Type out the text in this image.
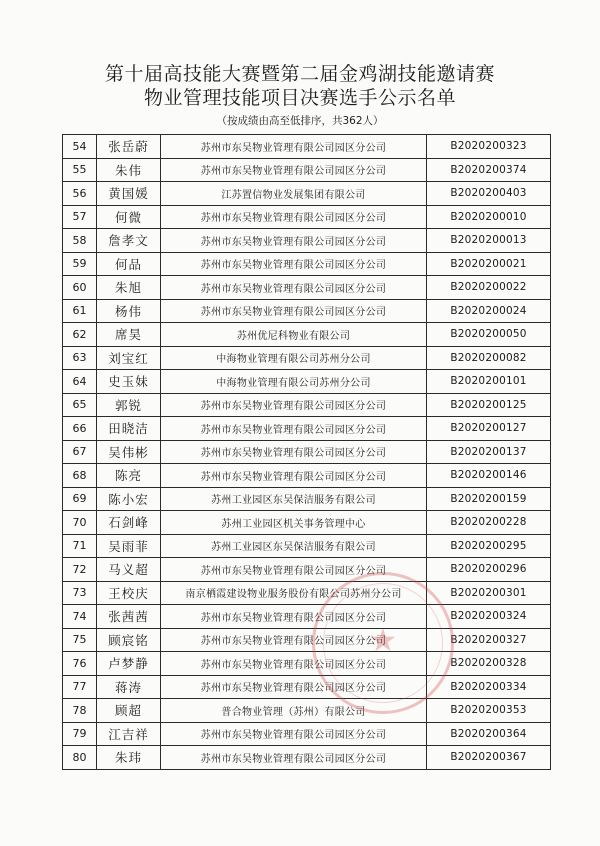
第十届高技能大赛暨第二届金鸡湖技能邀请赛
物业管理技能项目决赛选手公示名单
（按成绩由高至低排序，共362人）
54	张岳蔚	苏州市东吴物业管理有限公司园区分公司	B2020200323
55	朱伟	苏州市东吴物业管理有限公司园区分公司	B2020200374
56	黄国媛	江苏置信物业发展集团有限公司	B2020200403
57	何微	苏州市东吴物业管理有限公司园区分公司	B2020200010
58	詹孝文	苏州市东吴物业管理有限公司园区分公司	B2020200013
59	何品	苏州市东吴物业管理有限公司园区分公司	B2020200021
60	朱旭	苏州市东吴物业管理有限公司园区分公司	B2020200022
61	杨伟	苏州市东吴物业管理有限公司园区分公司	B2020200024
62	席昊	苏州优尼科物业有限公司	B2020200050
63	刘宝红	中海物业管理有限公司苏州分公司	B2020200082
64	史玉妹	中海物业管理有限公司苏州分公司	B2020200101
65	郭锐	苏州市东吴物业管理有限公司园区分公司	B2020200125
66	田晓洁	苏州市东吴物业管理有限公司园区分公司	B2020200127
67	吴伟彬	苏州市东吴物业管理有限公司园区分公司	B2020200137
68	陈亮	苏州市东吴物业管理有限公司园区分公司	B2020200146
69	陈小宏	苏州工业园区东吴保洁服务有限公司	B2020200159
70	石剑峰	苏州工业园区机关事务管理中心	B2020200228
71	吴雨菲	苏州工业园区东吴保洁服务有限公司	B2020200295
72	马义超	苏州市东吴物业管理有限公司园区分公司	B2020200296
73	王校庆	南京栖霞建设物业服务股份有限公司苏州分公司	B2020200301
74	张茜茜	苏州市东吴物业管理有限公司园区分公司	B2020200324
75	顾宸铭	苏州市东吴物业管理有限公司园区分公司	B2020200327
76	卢梦静	苏州市东吴物业管理有限公司园区分公司	B2020200328
77	蒋涛	苏州市东吴物业管理有限公司园区分公司	B2020200334
78	顾超	普合物业管理（苏州）有限公司	B2020200353
79	江吉祥	苏州市东吴物业管理有限公司园区分公司	B2020200364
80	朱玮	苏州市东吴物业管理有限公司园区分公司	B2020200367
★
